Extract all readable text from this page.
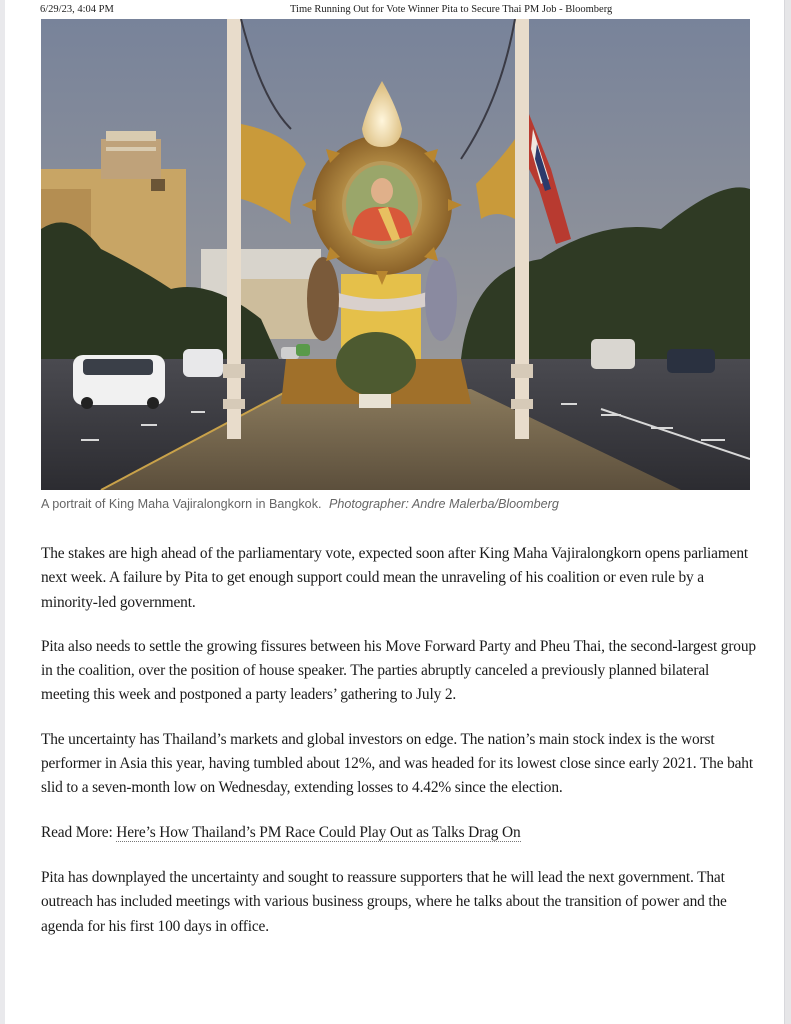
6/29/23, 4:04 PM	Time Running Out for Vote Winner Pita to Secure Thai PM Job - Bloomberg
A portrait of King Maha Vajiralongkorn in Bangkok. Photographer: Andre Malerba/Bloomberg

The stakes are high ahead of the parliamentary vote, expected soon after King Maha Vajiralongkorn opens parliament next week. A failure by Pita to get enough support could mean the unraveling of his coalition or even rule by a minority-led government.

Pita also needs to settle the growing fissures between his Move Forward Party and Pheu Thai, the second-largest group in the coalition, over the position of house speaker. The parties abruptly canceled a previously planned bilateral meeting this week and postponed a party leaders’ gathering to July 2.

The uncertainty has Thailand’s markets and global investors on edge. The nation’s main stock index is the worst performer in Asia this year, having tumbled about 12%, and was headed for its lowest close since early 2021. The baht slid to a seven-month low on Wednesday, extending losses to 4.42% since the election.

Read More: Here’s How Thailand’s PM Race Could Play Out as Talks Drag On

Pita has downplayed the uncertainty and sought to reassure supporters that he will lead the next government. That outreach has included meetings with various business groups, where he talks about the transition of power and the agenda for his first 100 days in office.
